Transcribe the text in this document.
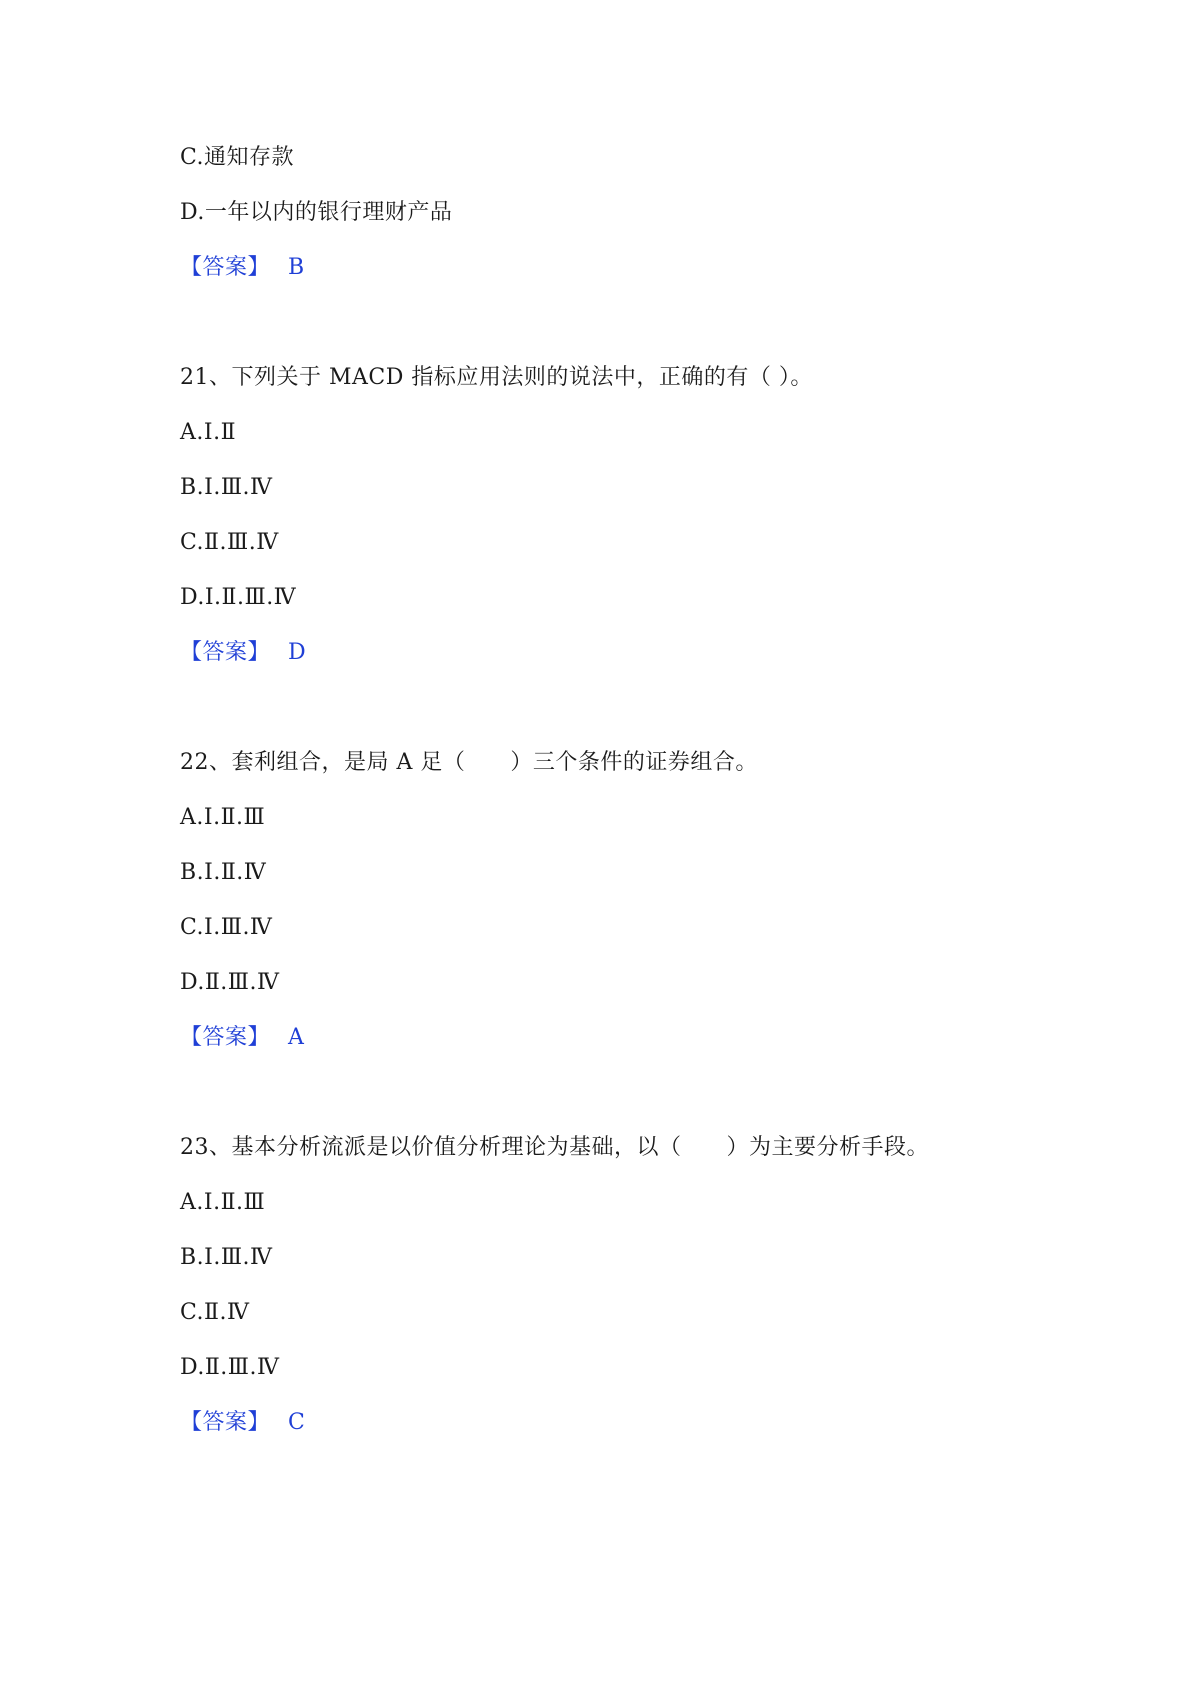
C.通知存款
D.一年以内的银行理财产品
【答案】 B
21、下列关于 MACD 指标应用法则的说法中，正确的有（ ）。
A.Ⅰ.Ⅱ
B.Ⅰ.Ⅲ.Ⅳ
C.Ⅱ.Ⅲ.Ⅳ
D.Ⅰ.Ⅱ.Ⅲ.Ⅳ
【答案】 D
22、套利组合，是局 A 足（　　）三个条件的证券组合。
A.Ⅰ.Ⅱ.Ⅲ
B.Ⅰ.Ⅱ.Ⅳ
C.Ⅰ.Ⅲ.Ⅳ
D.Ⅱ.Ⅲ.Ⅳ
【答案】 A
23、基本分析流派是以价值分析理论为基础，以（　　）为主要分析手段。
A.Ⅰ.Ⅱ.Ⅲ
B.Ⅰ.Ⅲ.Ⅳ
C.Ⅱ.Ⅳ
D.Ⅱ.Ⅲ.Ⅳ
【答案】 C
